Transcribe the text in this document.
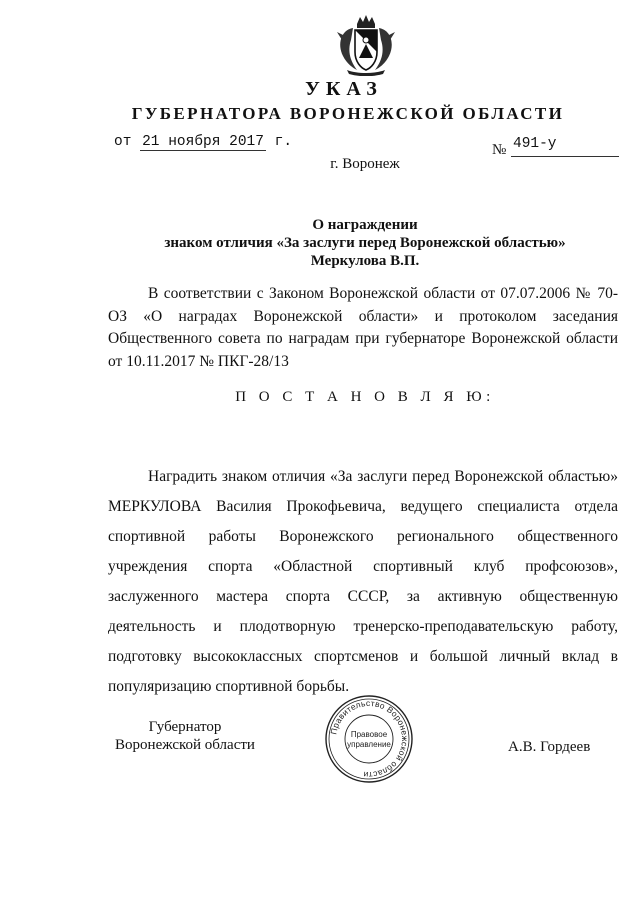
УКАЗ
ГУБЕРНАТОРА ВОРОНЕЖСКОЙ ОБЛАСТИ
от 21 ноября 2017 г.	№ 491-у
г. Воронеж
О награждении
знаком отличия «За заслуги перед Воронежской областью»
Меркулова В.П.
В соответствии с Законом Воронежской области от 07.07.2006 № 70-ОЗ «О наградах Воронежской области» и протоколом заседания Общественного совета по наградам при губернаторе Воронежской области от 10.11.2017 № ПКГ-28/13
П О С Т А Н О В Л Я Ю:
Наградить знаком отличия «За заслуги перед Воронежской областью» МЕРКУЛОВА Василия Прокофьевича, ведущего специалиста отдела спортивной работы Воронежского регионального общественного учреждения спорта «Областной спортивный клуб профсоюзов», заслуженного мастера спорта СССР, за активную общественную деятельность и плодотворную тренерско-преподавательскую работу, подготовку высококлассных спортсменов и большой личный вклад в популяризацию спортивной борьбы.
Губернатор
Воронежской области
Правительство Воронежской области
Правовое
управление	А.В. Гордеев
